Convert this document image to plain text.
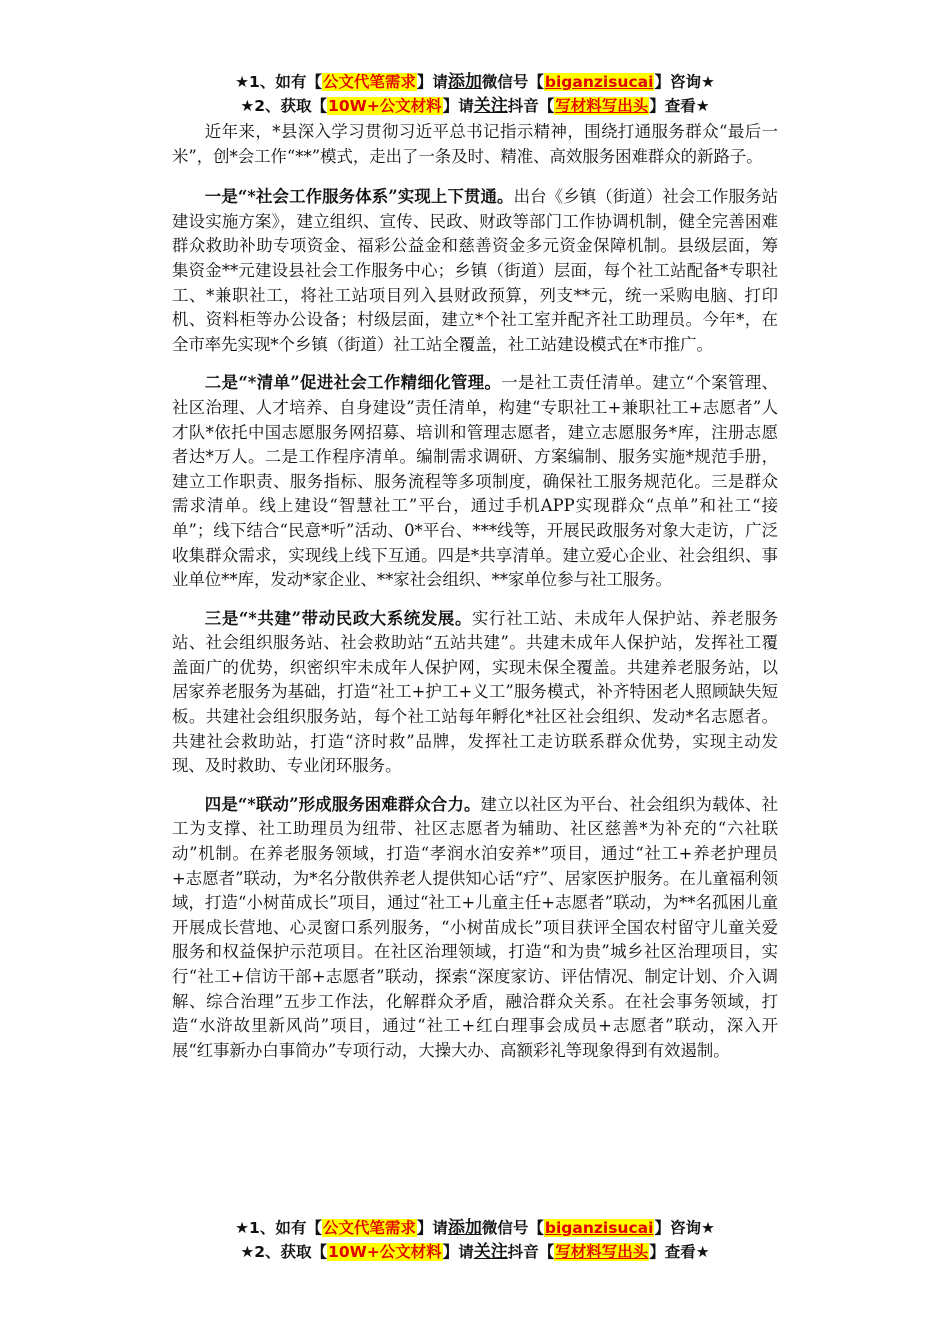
★1、如有【公文代笔需求】请添加微信号【biganzisucai】咨询★
★2、获取【10W+公文材料】请关注抖音【写材料写出头】查看★

近年来，*县深入学习贯彻习近平总书记指示精神，围绕打通服务群众“最后一米”，创*会工作“**”模式，走出了一条及时、精准、高效服务困难群众的新路子。

一是“*社会工作服务体系”实现上下贯通。出台《乡镇（街道）社会工作服务站建设实施方案》，建立组织、宣传、民政、财政等部门工作协调机制，健全完善困难群众救助补助专项资金、福彩公益金和慈善资金多元资金保障机制。县级层面，筹集资金**元建设县社会工作服务中心；乡镇（街道）层面，每个社工站配备*专职社工、*兼职社工，将社工站项目列入县财政预算，列支**元，统一采购电脑、打印机、资料柜等办公设备；村级层面，建立*个社工室并配齐社工助理员。今年*，在全市率先实现*个乡镇（街道）社工站全覆盖，社工站建设模式在*市推广。

二是“*清单”促进社会工作精细化管理。一是社工责任清单。建立“个案管理、社区治理、人才培养、自身建设”责任清单，构建“专职社工+兼职社工+志愿者”人才队*依托中国志愿服务网招募、培训和管理志愿者，建立志愿服务*库，注册志愿者达*万人。二是工作程序清单。编制需求调研、方案编制、服务实施*规范手册，建立工作职责、服务指标、服务流程等多项制度，确保社工服务规范化。三是群众需求清单。线上建设“智慧社工”平台，通过手机APP实现群众“点单”和社工“接单”；线下结合“民意*听”活动、0*平台、***线等，开展民政服务对象大走访，广泛收集群众需求，实现线上线下互通。四是*共享清单。建立爱心企业、社会组织、事业单位**库，发动*家企业、**家社会组织、**家单位参与社工服务。

三是“*共建”带动民政大系统发展。实行社工站、未成年人保护站、养老服务站、社会组织服务站、社会救助站“五站共建”。共建未成年人保护站，发挥社工覆盖面广的优势，织密织牢未成年人保护网，实现未保全覆盖。共建养老服务站，以居家养老服务为基础，打造“社工+护工+义工”服务模式，补齐特困老人照顾缺失短板。共建社会组织服务站，每个社工站每年孵化*社区社会组织、发动*名志愿者。共建社会救助站，打造“济时救”品牌，发挥社工走访联系群众优势，实现主动发现、及时救助、专业闭环服务。

四是“*联动”形成服务困难群众合力。建立以社区为平台、社会组织为载体、社工为支撑、社工助理员为纽带、社区志愿者为辅助、社区慈善*为补充的“六社联动”机制。在养老服务领域，打造“孝润水泊安养*”项目，通过“社工+养老护理员+志愿者”联动，为*名分散供养老人提供知心话“疗”、居家医护服务。在儿童福利领域，打造“小树苗成长”项目，通过“社工+儿童主任+志愿者”联动，为**名孤困儿童开展成长营地、心灵窗口系列服务，“小树苗成长”项目获评全国农村留守儿童关爱服务和权益保护示范项目。在社区治理领域，打造“和为贵”城乡社区治理项目，实行“社工+信访干部+志愿者”联动，探索“深度家访、评估情况、制定计划、介入调解、综合治理”五步工作法，化解群众矛盾，融洽群众关系。在社会事务领域，打造“水浒故里新风尚”项目，通过“社工+红白理事会成员+志愿者”联动，深入开展“红事新办白事简办”专项行动，大操大办、高额彩礼等现象得到有效遏制。

★1、如有【公文代笔需求】请添加微信号【biganzisucai】咨询★
★2、获取【10W+公文材料】请关注抖音【写材料写出头】查看★
